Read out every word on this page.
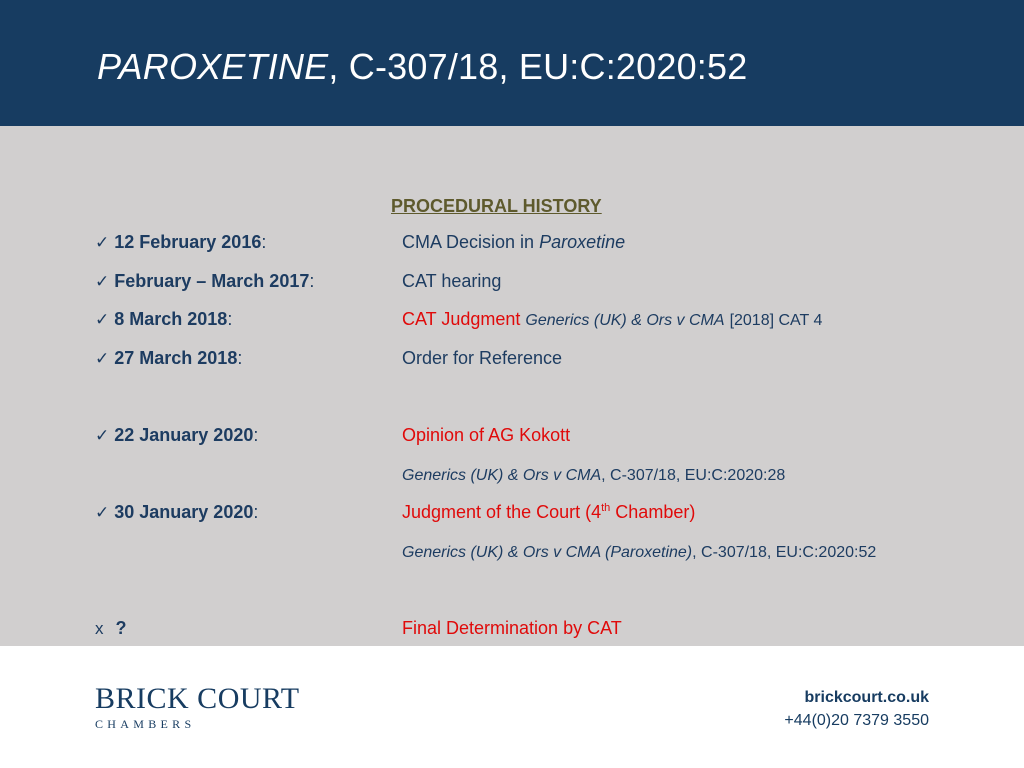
PAROXETINE, C-307/18, EU:C:2020:52
PROCEDURAL HISTORY
✓ 12 February 2016:	CMA Decision in Paroxetine
✓ February – March 2017:	CAT hearing
✓ 8 March 2018:	CAT Judgment Generics (UK) & Ors v CMA [2018] CAT 4
✓ 27 March 2018:	Order for Reference
✓ 22 January 2020:	Opinion of AG Kokott
Generics (UK) & Ors v CMA, C-307/18, EU:C:2020:28
✓ 30 January 2020:	Judgment of the Court (4th Chamber)
Generics (UK) & Ors v CMA (Paroxetine), C-307/18, EU:C:2020:52
x ?	Final Determination by CAT
BRICK COURT
CHAMBERS
brickcourt.co.uk
+44(0)20 7379 3550
